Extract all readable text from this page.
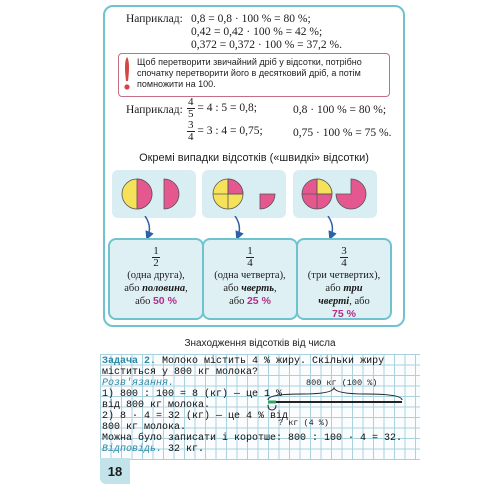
Наприклад: 0,8 = 0,8 · 100 % = 80 %;
0,42 = 0,42 · 100 % = 42 %;
0,372 = 0,372 · 100 % = 37,2 %.
Щоб перетворити звичайний дріб у відсотки, потрібно спочатку перетворити його в десятковий дріб, а потім помножити на 100.
Наприклад: $\frac{4}{5} = 4$ : 5 = 0,8;	0,8 · 100 % = 80 %;
$\frac{3}{4} = 3$ : 4 = 0,75;	0,75 · 100 % = 75 %.
Окремі випадки відсотків («швидкі» відсотки)
$\frac{1}{2}$
(одна друга),
або половина,
або 50 %
$\frac{1}{4}$
(одна четверта),
або чверть,
або 25 %
$\frac{3}{4}$
(три четвертих),
або три
чверті, або
75 %
Знаходження відсотків від числа
Задача 2. Молоко містить 4 % жиру. Скільки жиру
міститься у 800 кг молока?
Розв'язання.
1) 800 : 100 = 8 (кг) — це 1 %
від 800 кг молока.
2) 8 · 4 = 32 (кг) — це 4 % від
800 кг молока.
Можна було записати і коротше: 800 : 100 · 4 = 32.
Відповідь. 32 кг.
800 кг (100 %)
? кг (4 %)
18
